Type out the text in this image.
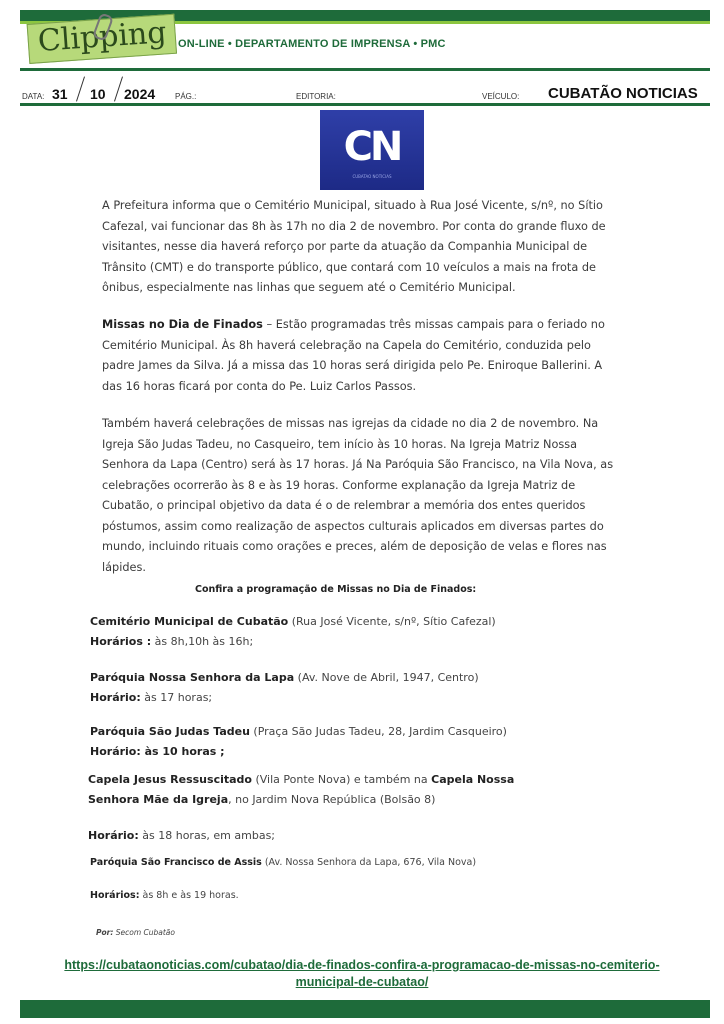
Clipping ON-LINE • DEPARTAMENTO DE IMPRENSA • PMC
DATA: 31 10 2024 PÁG.:	EDITORIA:	VEÍCULO: CUBATÃO NOTICIAS
CN
CUBATAO NOTICIAS

A Prefeitura informa que o Cemitério Municipal, situado à Rua José Vicente, s/nº, no Sítio Cafezal, vai funcionar das 8h às 17h no dia 2 de novembro. Por conta do grande fluxo de visitantes, nesse dia haverá reforço por parte da atuação da Companhia Municipal de Trânsito (CMT) e do transporte público, que contará com 10 veículos a mais na frota de ônibus, especialmente nas linhas que seguem até o Cemitério Municipal.

Missas no Dia de Finados – Estão programadas três missas campais para o feriado no Cemitério Municipal. Às 8h haverá celebração na Capela do Cemitério, conduzida pelo padre James da Silva. Já a missa das 10 horas será dirigida pelo Pe. Eniroque Ballerini. A das 16 horas ficará por conta do Pe. Luiz Carlos Passos.

Também haverá celebrações de missas nas igrejas da cidade no dia 2 de novembro. Na Igreja São Judas Tadeu, no Casqueiro, tem início às 10 horas. Na Igreja Matriz Nossa Senhora da Lapa (Centro) será às 17 horas. Já Na Paróquia São Francisco, na Vila Nova, as celebrações ocorrerão às 8 e às 19 horas. Conforme explanação da Igreja Matriz de Cubatão, o principal objetivo da data é o de relembrar a memória dos entes queridos póstumos, assim como realização de aspectos culturais aplicados em diversas partes do mundo, incluindo rituais como orações e preces, além de deposição de velas e flores nas lápides.

Confira a programação de Missas no Dia de Finados:
Cemitério Municipal de Cubatão (Rua José Vicente, s/nº, Sítio Cafezal)
Horários : às 8h,10h às 16h;
Paróquia Nossa Senhora da Lapa (Av. Nove de Abril, 1947, Centro)
Horário: às 17 horas;
Paróquia São Judas Tadeu (Praça São Judas Tadeu, 28, Jardim Casqueiro)
Horário: às 10 horas ;
Capela Jesus Ressuscitado (Vila Ponte Nova) e também na Capela Nossa Senhora Mãe da Igreja, no Jardim Nova República (Bolsão 8)
Horário: às 18 horas, em ambas;
Paróquia São Francisco de Assis (Av. Nossa Senhora da Lapa, 676, Vila Nova)
Horários: às 8h e às 19 horas.
Por: Secom Cubatão
https://cubataonoticias.com/cubatao/dia-de-finados-confira-a-programacao-de-missas-no-cemiterio-municipal-de-cubatao/
